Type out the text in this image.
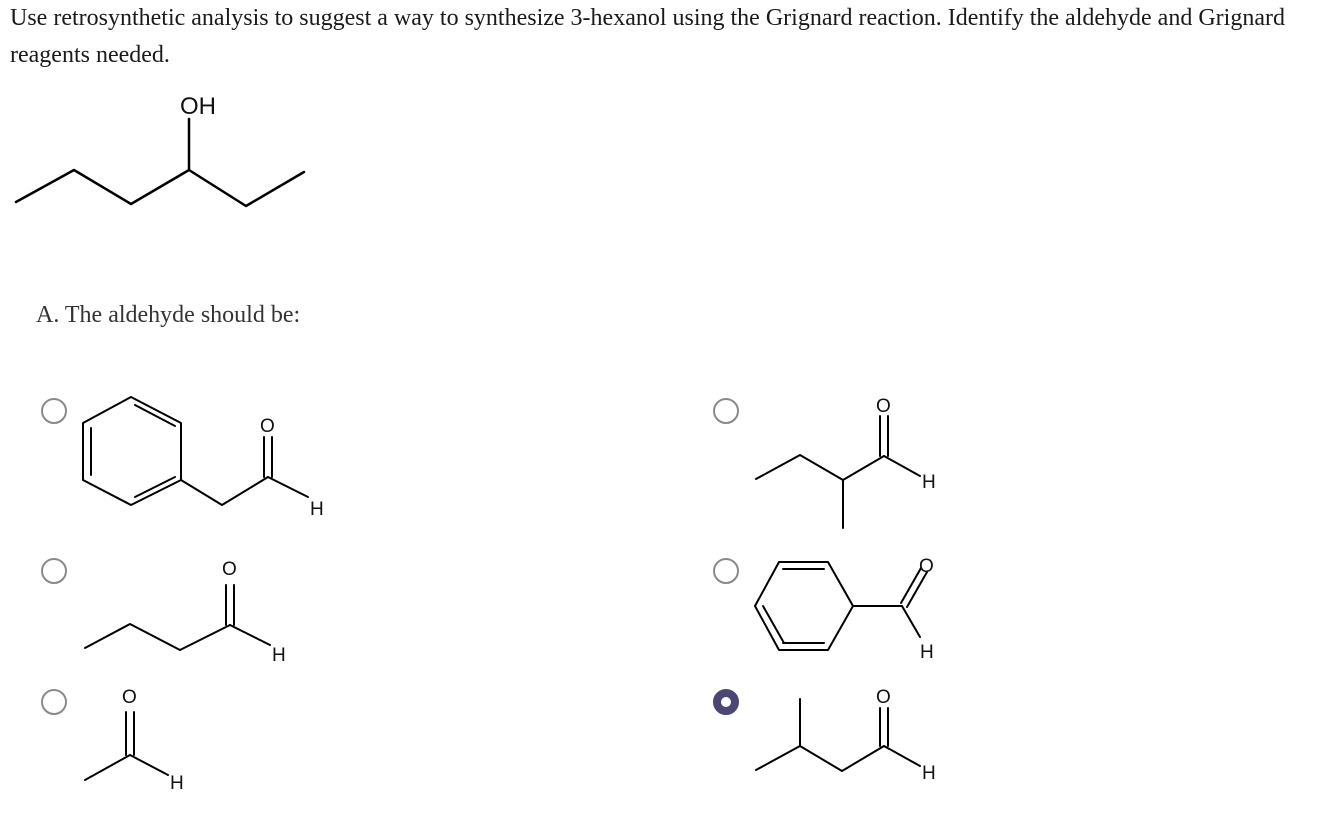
Use retrosynthetic analysis to suggest a way to synthesize 3-hexanol using the Grignard reaction. Identify the aldehyde and Grignard reagents needed.

OH
A. The aldehyde should be:
O
H
O
H
O
H
O
H
O
H
O
H
